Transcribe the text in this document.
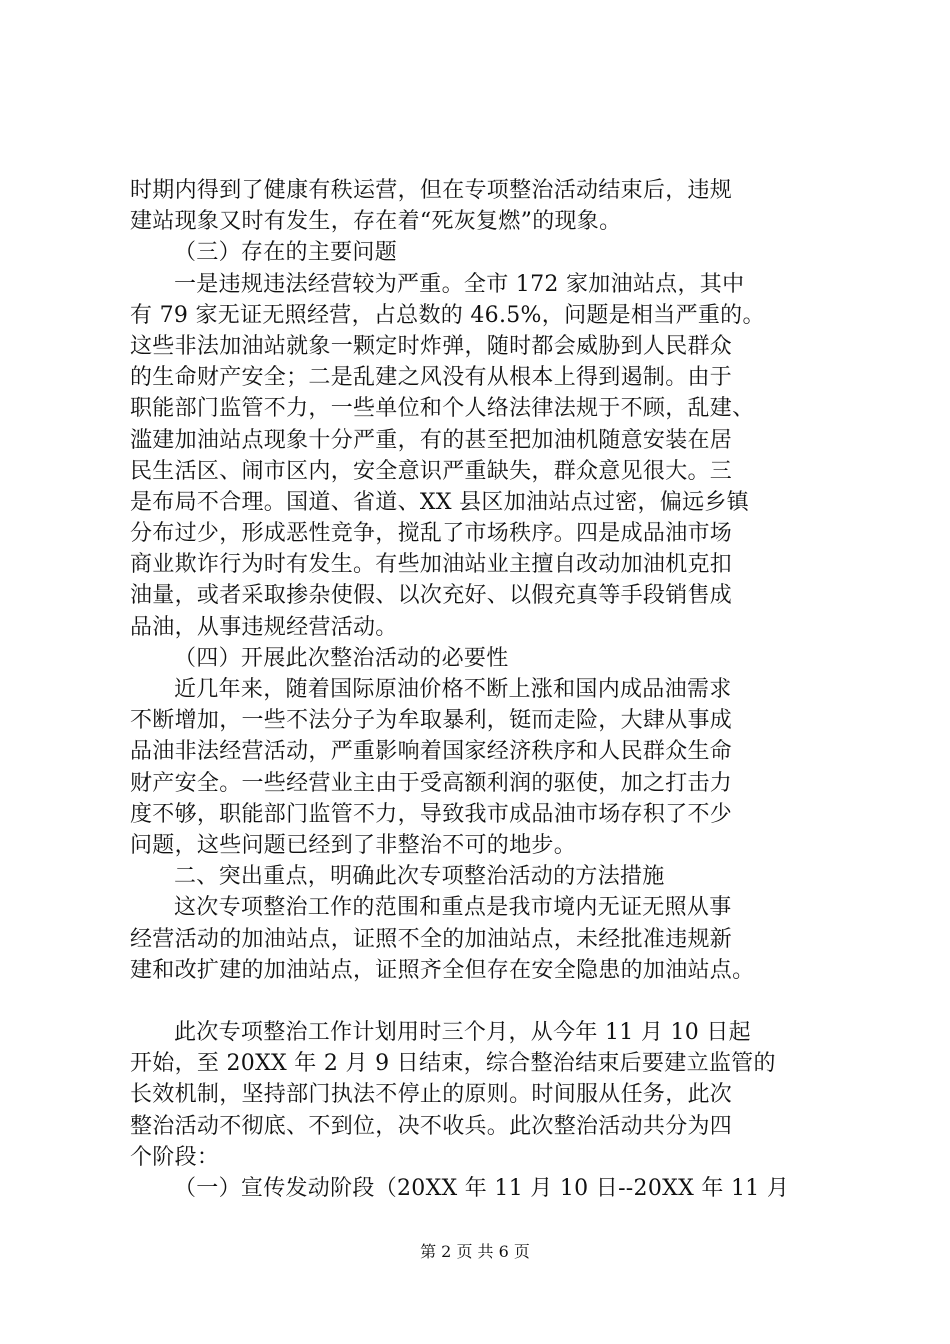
时期内得到了健康有秩运营，但在专项整治活动结束后，违规
建站现象又时有发生，存在着“死灰复燃”的现象。
（三）存在的主要问题
一是违规违法经营较为严重。全市 172 家加油站点，其中
有 79 家无证无照经营，占总数的 46.5%，问题是相当严重的。
这些非法加油站就象一颗定时炸弹，随时都会威胁到人民群众
的生命财产安全；二是乱建之风没有从根本上得到遏制。由于
职能部门监管不力，一些单位和个人络法律法规于不顾，乱建、
滥建加油站点现象十分严重，有的甚至把加油机随意安装在居
民生活区、闹市区内，安全意识严重缺失，群众意见很大。三
是布局不合理。国道、省道、XX 县区加油站点过密，偏远乡镇
分布过少，形成恶性竞争，搅乱了市场秩序。四是成品油市场
商业欺诈行为时有发生。有些加油站业主擅自改动加油机克扣
油量，或者采取掺杂使假、以次充好、以假充真等手段销售成
品油，从事违规经营活动。
（四）开展此次整治活动的必要性
近几年来，随着国际原油价格不断上涨和国内成品油需求
不断增加，一些不法分子为牟取暴利，铤而走险，大肆从事成
品油非法经营活动，严重影响着国家经济秩序和人民群众生命
财产安全。一些经营业主由于受高额利润的驱使，加之打击力
度不够，职能部门监管不力，导致我市成品油市场存积了不少
问题，这些问题已经到了非整治不可的地步。
二、突出重点，明确此次专项整治活动的方法措施
这次专项整治工作的范围和重点是我市境内无证无照从事
经营活动的加油站点，证照不全的加油站点，未经批准违规新
建和改扩建的加油站点，证照齐全但存在安全隐患的加油站点。
此次专项整治工作计划用时三个月，从今年 11 月 10 日起
开始，至 20XX 年 2 月 9 日结束，综合整治结束后要建立监管的
长效机制，坚持部门执法不停止的原则。时间服从任务，此次
整治活动不彻底、不到位，决不收兵。此次整治活动共分为四
个阶段：
（一）宣传发动阶段（20XX 年 11 月 10 日--20XX 年 11 月
第 2 页 共 6 页
